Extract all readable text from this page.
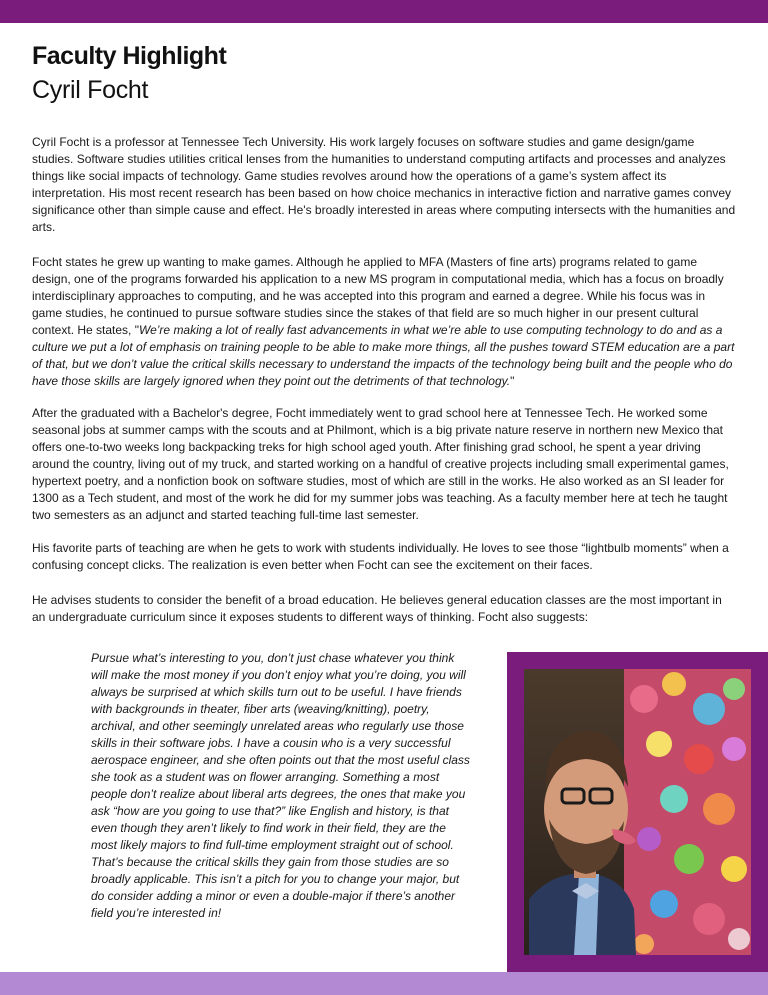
Faculty Highlight
Cyril Focht

Cyril Focht is a professor at Tennessee Tech University. His work largely focuses on software studies and game design/game studies. Software studies utilities critical lenses from the humanities to understand computing artifacts and processes and analyzes things like social impacts of technology. Game studies revolves around how the operations of a game’s system affect its interpretation. His most recent research has been based on how choice mechanics in interactive fiction and narrative games convey significance other than simple cause and effect. He's broadly interested in areas where computing intersects with the humanities and arts.

Focht states he grew up wanting to make games. Although he applied to MFA (Masters of fine arts) programs related to game design, one of the programs forwarded his application to a new MS program in computational media, which has a focus on broadly interdisciplinary approaches to computing, and he was accepted into this program and earned a degree. While his focus was in game studies, he continued to pursue software studies since the stakes of that field are so much higher in our present cultural context. He states, "We’re making a lot of really fast advancements in what we’re able to use computing technology to do and as a culture we put a lot of emphasis on training people to be able to make more things, all the pushes toward STEM education are a part of that, but we don’t value the critical skills necessary to understand the impacts of the technology being built and the people who do have those skills are largely ignored when they point out the detriments of that technology."

After the graduated with a Bachelor's degree, Focht immediately went to grad school here at Tennessee Tech. He worked some seasonal jobs at summer camps with the scouts and at Philmont, which is a big private nature reserve in northern new Mexico that offers one-to-two weeks long backpacking treks for high school aged youth. After finishing grad school, he spent a year driving around the country, living out of my truck, and started working on a handful of creative projects including small experimental games, hypertext poetry, and a nonfiction book on software studies, most of which are still in the works. He also worked as an SI leader for 1300 as a Tech student, and most of the work he did for my summer jobs was teaching. As a faculty member here at tech he taught two semesters as an adjunct and started teaching full-time last semester.

His favorite parts of teaching are when he gets to work with students individually. He loves to see those “lightbulb moments” when a confusing concept clicks. The realization is even better when Focht can see the excitement on their faces.

He advises students to consider the benefit of a broad education. He believes general education classes are the most important in an undergraduate curriculum since it exposes students to different ways of thinking. Focht also suggests:

Pursue what’s interesting to you, don’t just chase whatever you think will make the most money if you don’t enjoy what you’re doing, you will always be surprised at which skills turn out to be useful. I have friends with backgrounds in theater, fiber arts (weaving/knitting), poetry, archival, and other seemingly unrelated areas who regularly use those skills in their software jobs. I have a cousin who is a very successful aerospace engineer, and she often points out that the most useful class she took as a student was on flower arranging. Something a most people don’t realize about liberal arts degrees, the ones that make you ask “how are you going to use that?” like English and history, is that even though they aren’t likely to find work in their field, they are the most likely majors to find full-time employment straight out of school. That’s because the critical skills they gain from those studies are so broadly applicable. This isn’t a pitch for you to change your major, but do consider adding a minor or even a double-major if there’s another field you’re interested in!
